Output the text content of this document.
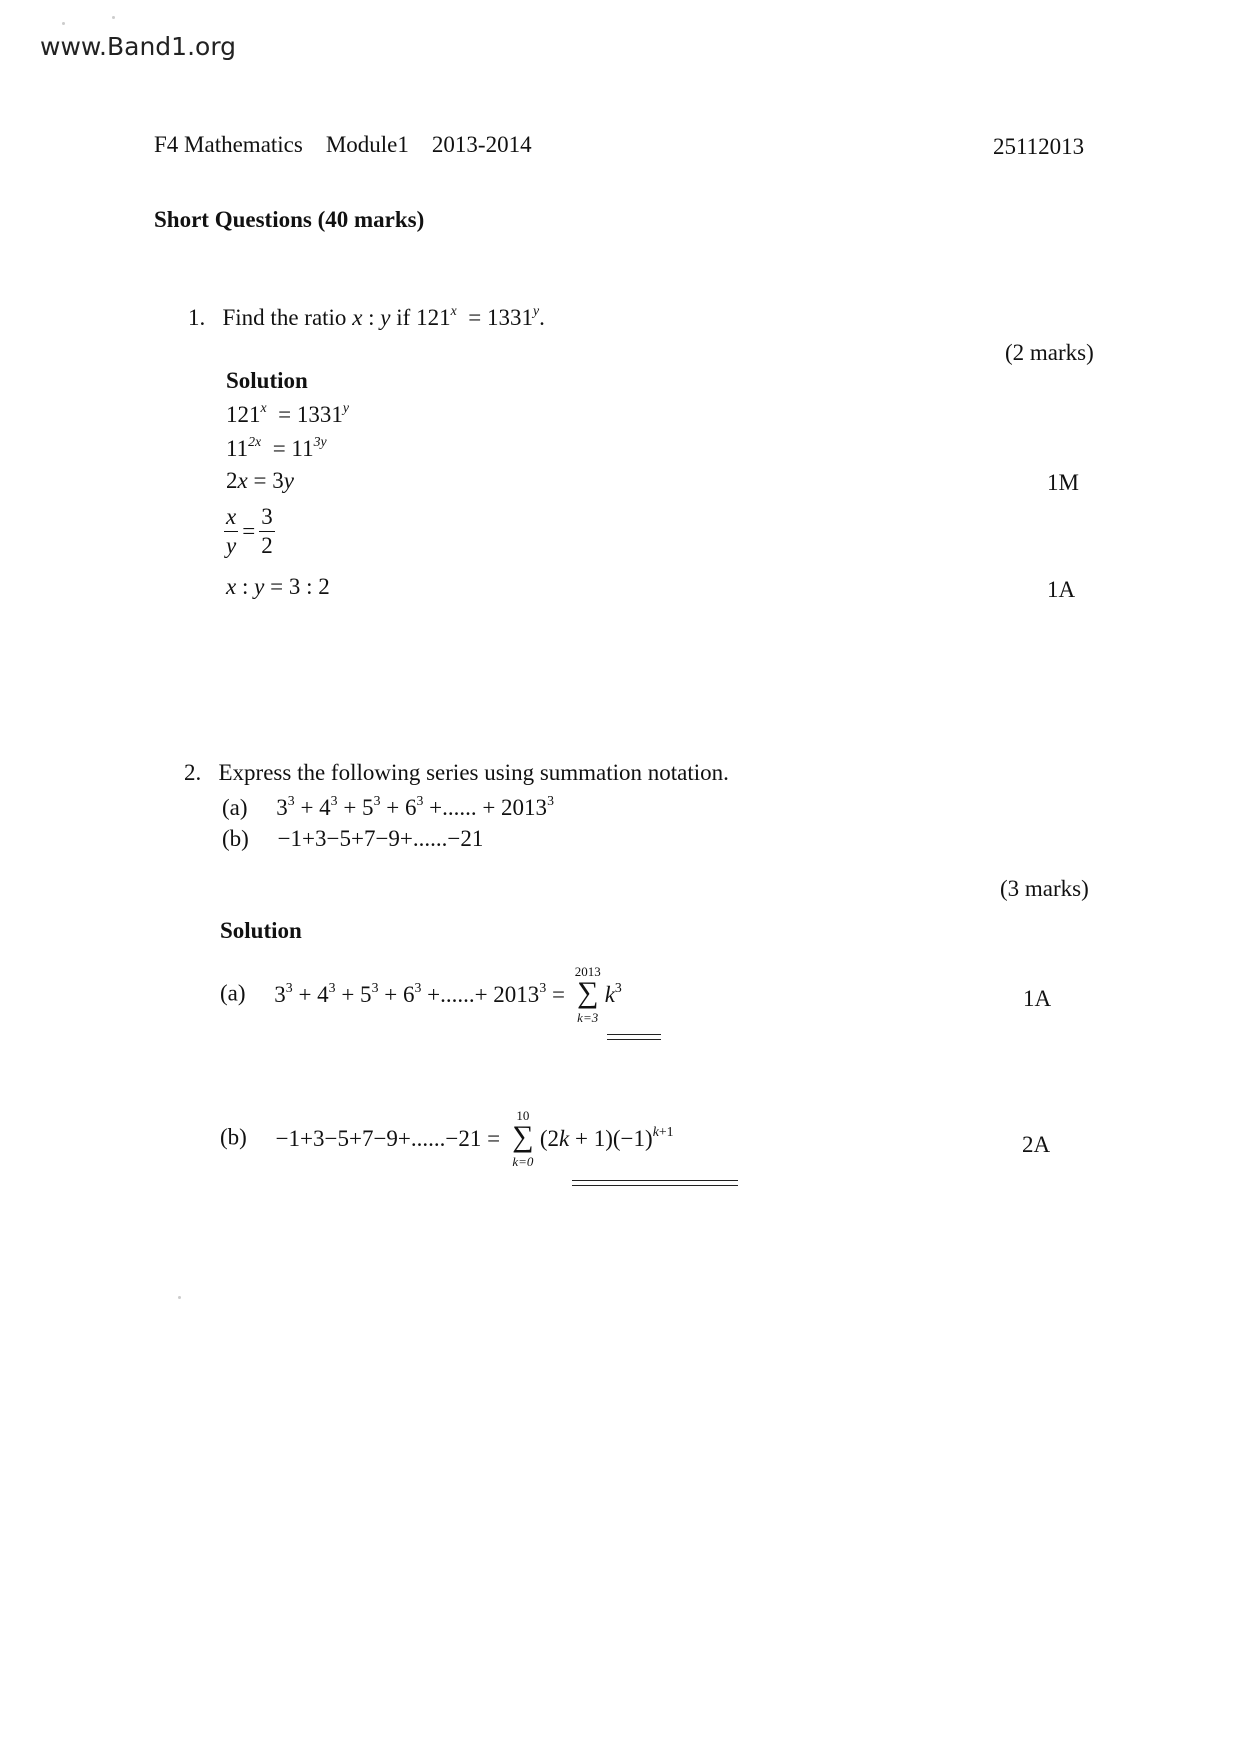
www.Band1.org
F4 Mathematics Module1 2013-2014	25112013
Short Questions (40 marks)
1. Find the ratio x : y if $121^x = 1331^y$.
(2 marks)
Solution
$121^x = 1331^y$
$11^{2x} = 11^{3y}$
2x = 3y
$\frac{x}{y} = \frac{3}{2}$
x : y = 3 : 2
1M
1A
2. Express the following series using summation notation.
(a)     $3^3 + 4^3 + 5^3 + 6^3$ +...... + $2013^3$
(b) −1+3−5+7−9+......−21
(3 marks)
Solution
(a) $3^3 + 4^3 + 5^3 + 6^3$ +......+ $2013^3$ =
2013
∑
k=3
$k^3$	1A
(b) −1+3−5+7−9+......−21 =
10
∑
k=0
$(2k + 1)(-1)^{k+1}$
2A
